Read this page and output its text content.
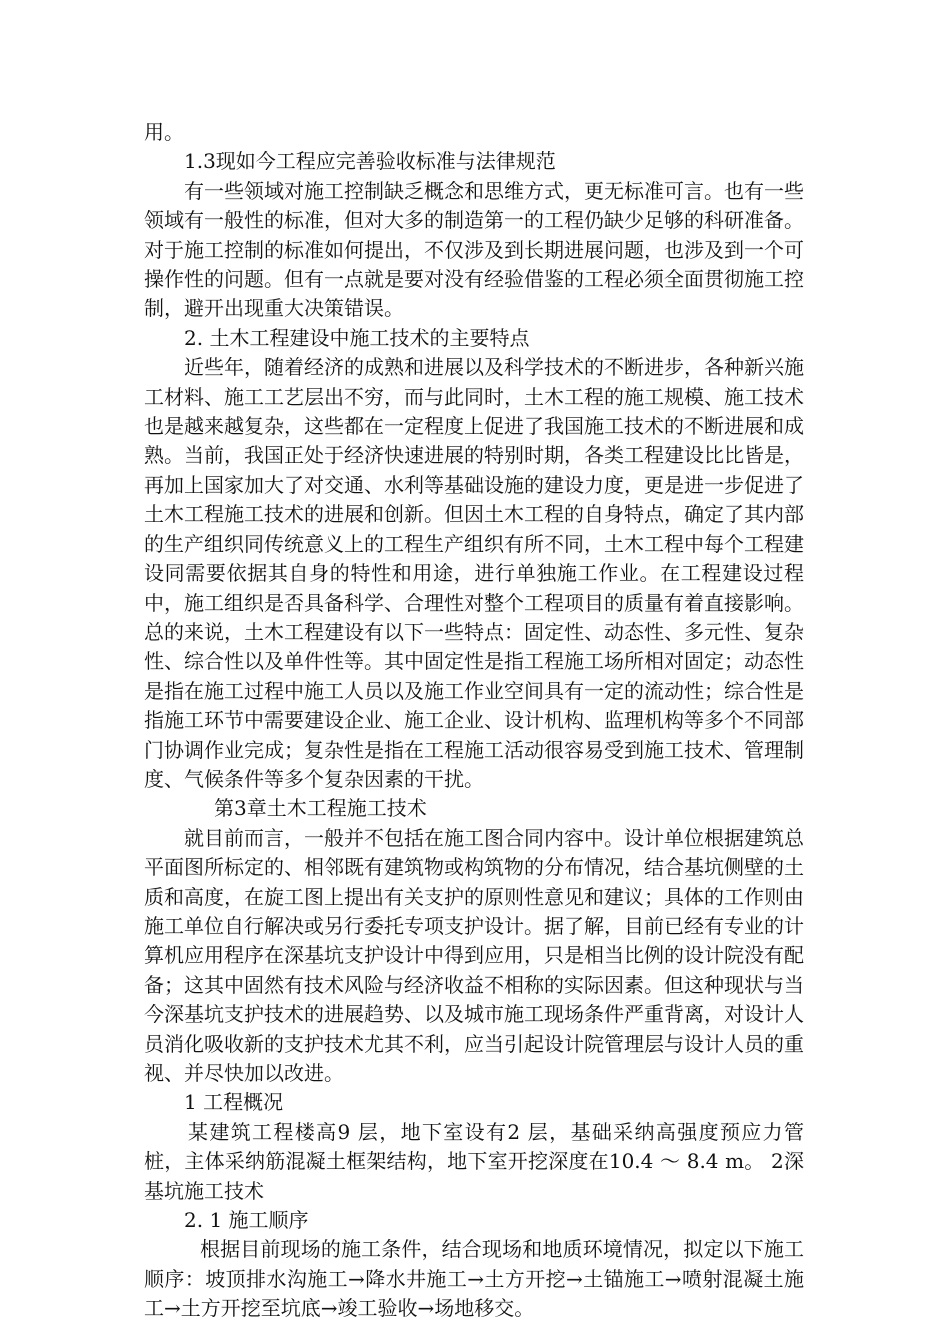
用。

1.3现如今工程应完善验收标准与法律规范

有一些领域对施工控制缺乏概念和思维方式，更无标准可言。也有一些领域有一般性的标准，但对大多的制造第一的工程仍缺少足够的科研准备。对于施工控制的标准如何提出，不仅涉及到长期进展问题，也涉及到一个可操作性的问题。但有一点就是要对没有经验借鉴的工程必须全面贯彻施工控制，避开出现重大决策错误。

2. 土木工程建设中施工技术的主要特点

近些年，随着经济的成熟和进展以及科学技术的不断进步，各种新兴施工材料、施工工艺层出不穷，而与此同时，土木工程的施工规模、施工技术也是越来越复杂，这些都在一定程度上促进了我国施工技术的不断进展和成熟。当前，我国正处于经济快速进展的特别时期，各类工程建设比比皆是，再加上国家加大了对交通、水利等基础设施的建设力度，更是进一步促进了土木工程施工技术的进展和创新。但因土木工程的自身特点，确定了其内部的生产组织同传统意义上的工程生产组织有所不同，土木工程中每个工程建设同需要依据其自身的特性和用途，进行单独施工作业。在工程建设过程中，施工组织是否具备科学、合理性对整个工程项目的质量有着直接影响。总的来说，土木工程建设有以下一些特点：固定性、动态性、多元性、复杂性、综合性以及单件性等。其中固定性是指工程施工场所相对固定；动态性是指在施工过程中施工人员以及施工作业空间具有一定的流动性；综合性是指施工环节中需要建设企业、施工企业、设计机构、监理机构等多个不同部门协调作业完成；复杂性是指在工程施工活动很容易受到施工技术、管理制度、气候条件等多个复杂因素的干扰。

第3章土木工程施工技术

就目前而言，一般并不包括在施工图合同内容中。设计单位根据建筑总平面图所标定的、相邻既有建筑物或构筑物的分布情况，结合基坑侧壁的土质和高度，在旋工图上提出有关支护的原则性意见和建议；具体的工作则由施工单位自行解决或另行委托专项支护设计。据了解，目前已经有专业的计算机应用程序在深基坑支护设计中得到应用，只是相当比例的设计院没有配备；这其中固然有技术风险与经济收益不相称的实际因素。但这种现状与当今深基坑支护技术的进展趋势、以及城市施工现场条件严重背离，对设计人员消化吸收新的支护技术尤其不利，应当引起设计院管理层与设计人员的重视、并尽快加以改进。

1 工程概况

某建筑工程楼高9 层，地下室设有2 层，基础采纳高强度预应力管桩，主体采纳筋混凝土框架结构，地下室开挖深度在10.4 ～ 8.4 m。 2深基坑施工技术

2. 1 施工顺序

根据目前现场的施工条件，结合现场和地质环境情况，拟定以下施工顺序：坡顶排水沟施工→降水井施工→土方开挖→土锚施工→喷射混凝土施工→土方开挖至坑底→竣工验收→场地移交。
